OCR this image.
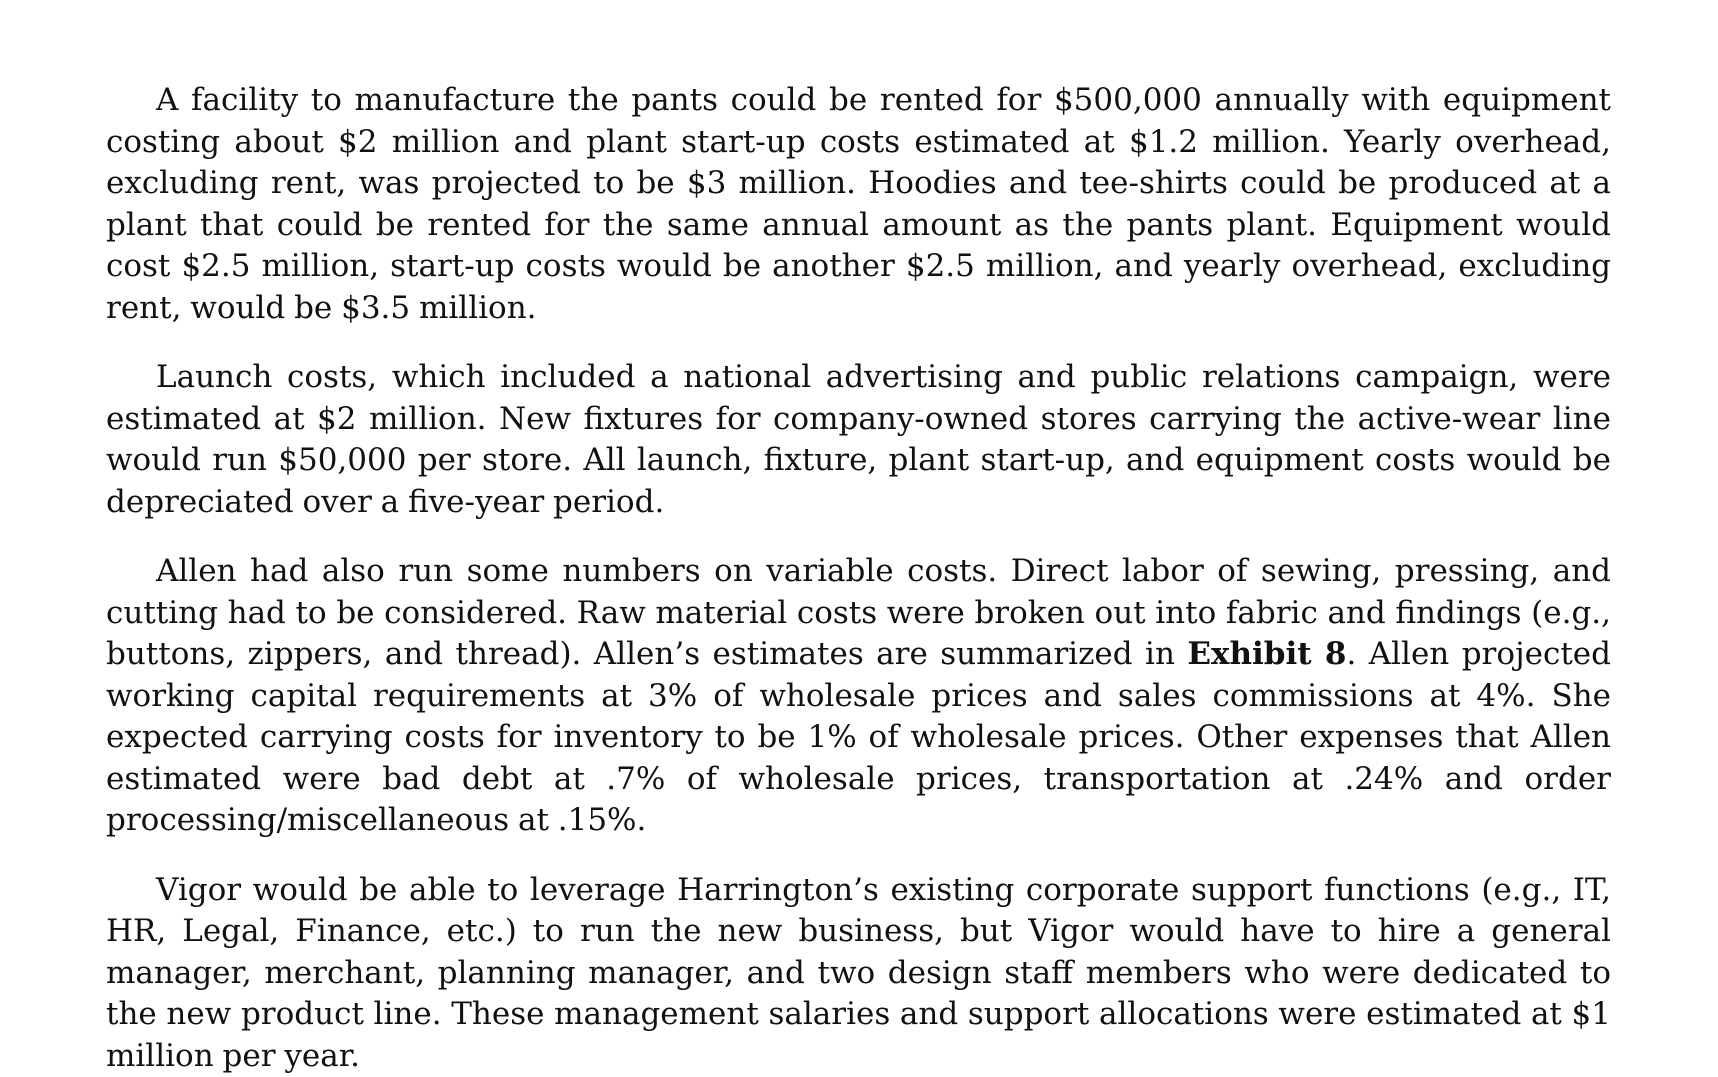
A facility to manufacture the pants could be rented for $500,000 annually with equipment costing about $2 million and plant start-up costs estimated at $1.2 million. Yearly overhead, excluding rent, was projected to be $3 million. Hoodies and tee-shirts could be produced at a plant that could be rented for the same annual amount as the pants plant. Equipment would cost $2.5 million, start-up costs would be another $2.5 million, and yearly overhead, excluding rent, would be $3.5 million.

Launch costs, which included a national advertising and public relations campaign, were estimated at $2 million. New fixtures for company-owned stores carrying the active-wear line would run $50,000 per store. All launch, fixture, plant start-up, and equipment costs would be depreciated over a five-year period.

Allen had also run some numbers on variable costs. Direct labor of sewing, pressing, and cutting had to be considered. Raw material costs were broken out into fabric and findings (e.g., buttons, zippers, and thread). Allen’s estimates are summarized in Exhibit 8. Allen projected working capital requirements at 3% of wholesale prices and sales commissions at 4%. She expected carrying costs for inventory to be 1% of wholesale prices. Other expenses that Allen estimated were bad debt at .7% of wholesale prices, transportation at .24% and order processing/miscellaneous at .15%.

Vigor would be able to leverage Harrington’s existing corporate support functions (e.g., IT, HR, Legal, Finance, etc.) to run the new business, but Vigor would have to hire a general manager, merchant, planning manager, and two design staff members who were dedicated to the new product line. These management salaries and support allocations were estimated at $1 million per year.
